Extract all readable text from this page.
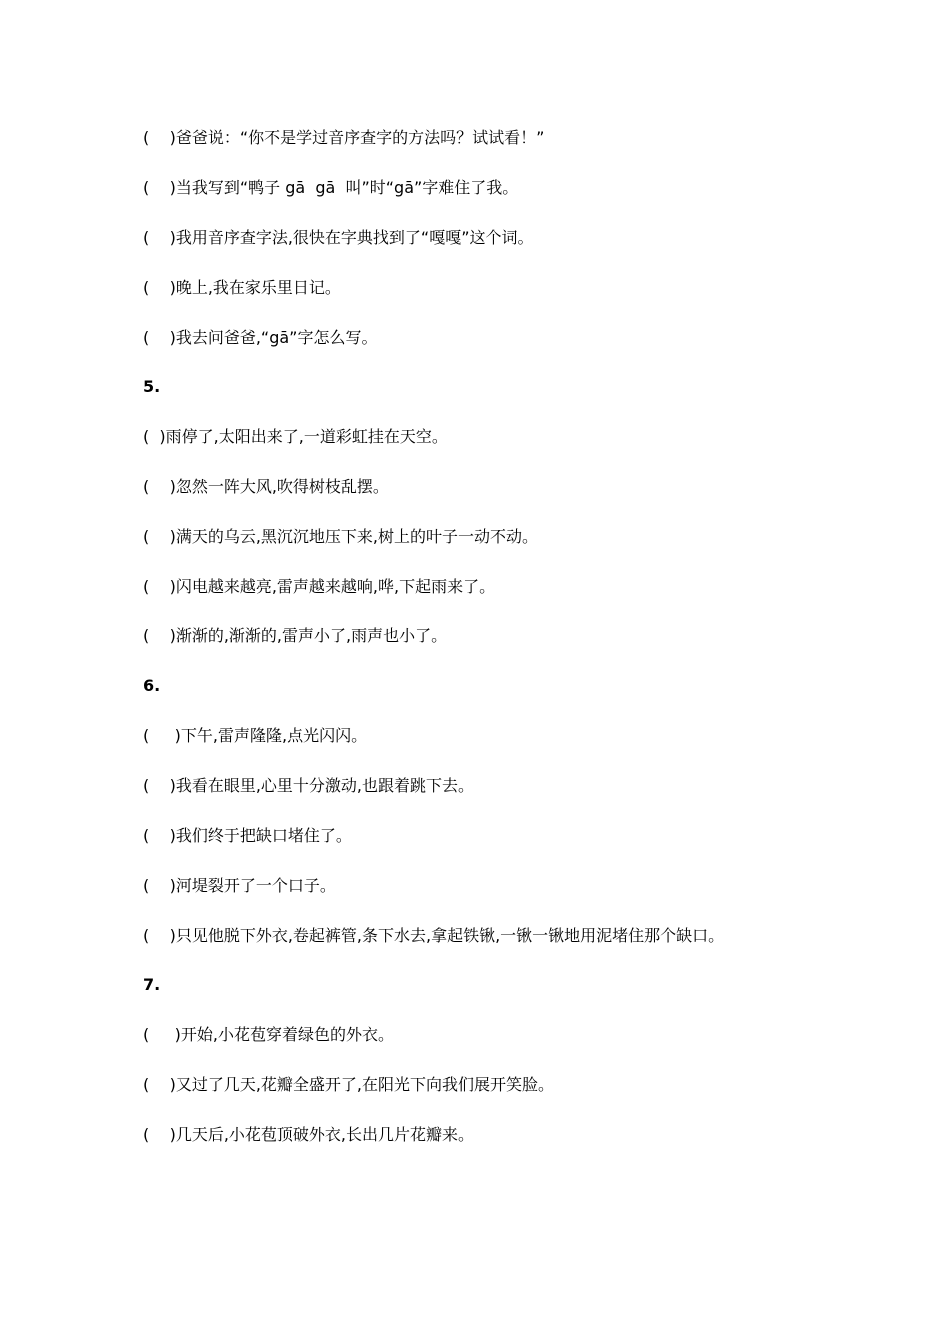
(    )爸爸说：“你不是学过音序查字的方法吗？试试看！”
(    )当我写到“鸭子 gā  gā  叫”时“gā”字难住了我。
(    )我用音序查字法,很快在字典找到了“嘎嘎”这个词。
(    )晚上,我在家乐里日记。
(    )我去问爸爸,“gā”字怎么写。
5.
(  )雨停了,太阳出来了,一道彩虹挂在天空。
(    )忽然一阵大风,吹得树枝乱摆。
(    )满天的乌云,黑沉沉地压下来,树上的叶子一动不动。
(    )闪电越来越亮,雷声越来越响,哗,下起雨来了。
(    )渐渐的,渐渐的,雷声小了,雨声也小了。
6.
(     )下午,雷声隆隆,点光闪闪。
(    )我看在眼里,心里十分激动,也跟着跳下去。
(    )我们终于把缺口堵住了。
(    )河堤裂开了一个口子。
(    )只见他脱下外衣,卷起裤管,条下水去,拿起铁锹,一锹一锹地用泥堵住那个缺口。
7.
(     )开始,小花苞穿着绿色的外衣。
(    )又过了几天,花瓣全盛开了,在阳光下向我们展开笑脸。
(    )几天后,小花苞顶破外衣,长出几片花瓣来。
